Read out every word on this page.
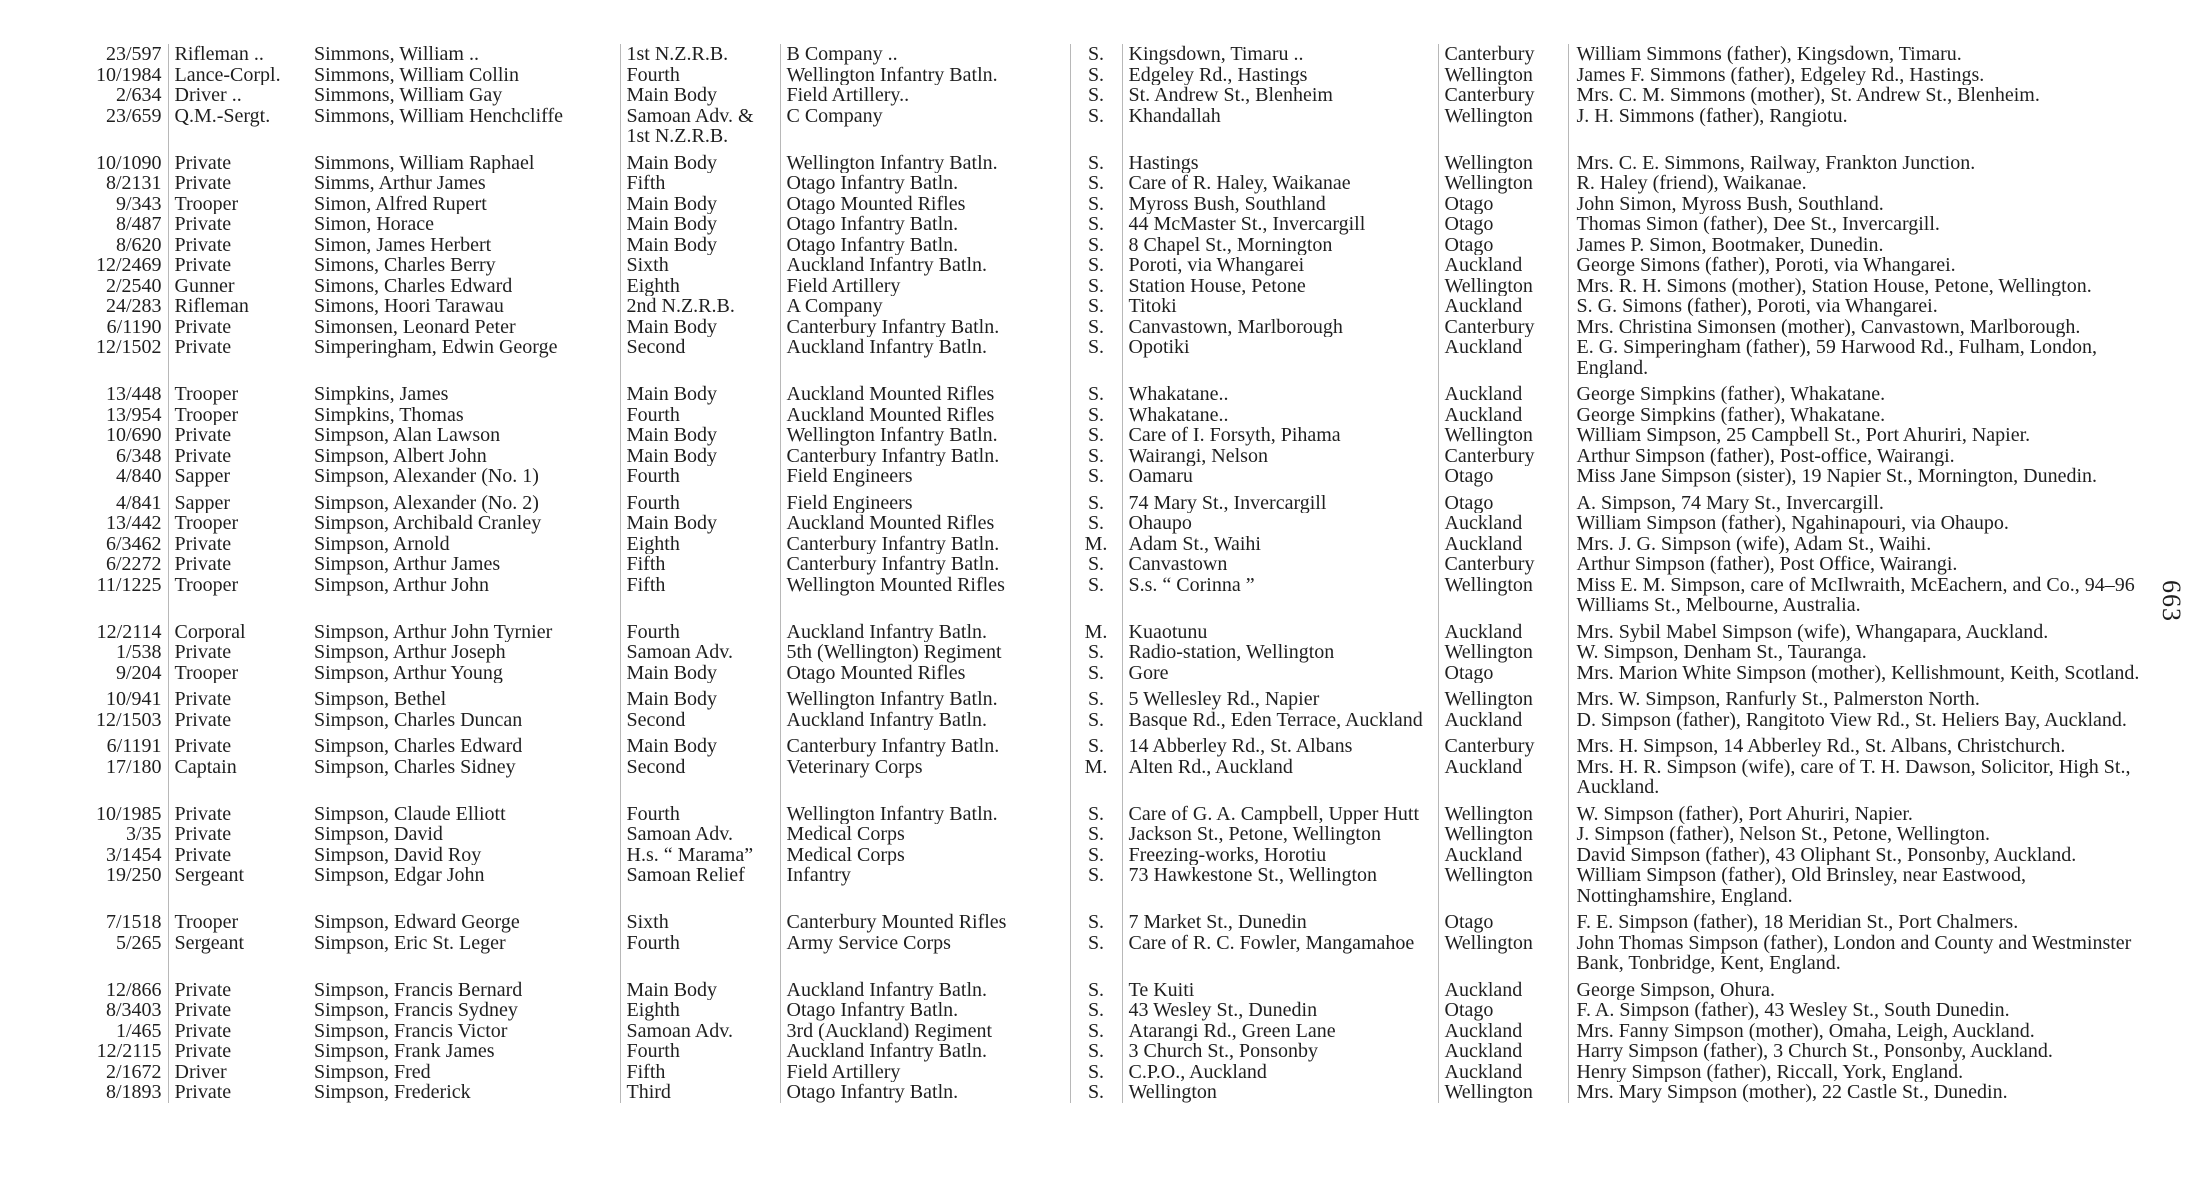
23/597	Rifleman ..	Simmons, William ..	1st N.Z.R.B.	B Company ..	S.	Kingsdown, Timaru ..	Canterbury	William Simmons (father), Kingsdown, Timaru.
10/1984	Lance-Corpl.	Simmons, William Collin	Fourth	Wellington Infantry Batln.	S.	Edgeley Rd., Hastings	Wellington	James F. Simmons (father), Edgeley Rd., Hastings.
2/634	Driver ..	Simmons, William Gay	Main Body	Field Artillery..	S.	St. Andrew St., Blenheim	Canterbury	Mrs. C. M. Simmons (mother), St. Andrew St., Blenheim.
23/659	Q.M.-Sergt.	Simmons, William Henchcliffe	Samoan Adv. & 1st N.Z.R.B.	C Company	S.	Khandallah	Wellington	J. H. Simmons (father), Rangiotu.
10/1090	Private	Simmons, William Raphael	Main Body	Wellington Infantry Batln.	S.	Hastings	Wellington	Mrs. C. E. Simmons, Railway, Frankton Junction.
8/2131	Private	Simms, Arthur James	Fifth	Otago Infantry Batln.	S.	Care of R. Haley, Waikanae	Wellington	R. Haley (friend), Waikanae.
9/343	Trooper	Simon, Alfred Rupert	Main Body	Otago Mounted Rifles	S.	Myross Bush, Southland	Otago	John Simon, Myross Bush, Southland.
8/487	Private	Simon, Horace	Main Body	Otago Infantry Batln.	S.	44 McMaster St., Invercargill	Otago	Thomas Simon (father), Dee St., Invercargill.
8/620	Private	Simon, James Herbert	Main Body	Otago Infantry Batln.	S.	8 Chapel St., Mornington	Otago	James P. Simon, Bootmaker, Dunedin.
12/2469	Private	Simons, Charles Berry	Sixth	Auckland Infantry Batln.	S.	Poroti, via Whangarei	Auckland	George Simons (father), Poroti, via Whangarei.
2/2540	Gunner	Simons, Charles Edward	Eighth	Field Artillery	S.	Station House, Petone	Wellington	Mrs. R. H. Simons (mother), Station House, Petone, Wellington.
24/283	Rifleman	Simons, Hoori Tarawau	2nd N.Z.R.B.	A Company	S.	Titoki	Auckland	S. G. Simons (father), Poroti, via Whangarei.
6/1190	Private	Simonsen, Leonard Peter	Main Body	Canterbury Infantry Batln.	S.	Canvastown, Marlborough	Canterbury	Mrs. Christina Simonsen (mother), Canvastown, Marlborough.
12/1502	Private	Simperingham, Edwin George	Second	Auckland Infantry Batln.	S.	Opotiki	Auckland	E. G. Simperingham (father), 59 Harwood Rd., Fulham, London, England.
13/448	Trooper	Simpkins, James	Main Body	Auckland Mounted Rifles	S.	Whakatane..	Auckland	George Simpkins (father), Whakatane.
13/954	Trooper	Simpkins, Thomas	Fourth	Auckland Mounted Rifles	S.	Whakatane..	Auckland	George Simpkins (father), Whakatane.
10/690	Private	Simpson, Alan Lawson	Main Body	Wellington Infantry Batln.	S.	Care of I. Forsyth, Pihama	Wellington	William Simpson, 25 Campbell St., Port Ahuriri, Napier.
6/348	Private	Simpson, Albert John	Main Body	Canterbury Infantry Batln.	S.	Wairangi, Nelson	Canterbury	Arthur Simpson (father), Post-office, Wairangi.
4/840	Sapper	Simpson, Alexander (No. 1)	Fourth	Field Engineers	S.	Oamaru	Otago	Miss Jane Simpson (sister), 19 Napier St., Mornington, Dunedin.
4/841	Sapper	Simpson, Alexander (No. 2)	Fourth	Field Engineers	S.	74 Mary St., Invercargill	Otago	A. Simpson, 74 Mary St., Invercargill.
13/442	Trooper	Simpson, Archibald Cranley	Main Body	Auckland Mounted Rifles	S.	Ohaupo	Auckland	William Simpson (father), Ngahinapouri, via Ohaupo.
6/3462	Private	Simpson, Arnold	Eighth	Canterbury Infantry Batln.	M.	Adam St., Waihi	Auckland	Mrs. J. G. Simpson (wife), Adam St., Waihi.
6/2272	Private	Simpson, Arthur James	Fifth	Canterbury Infantry Batln.	S.	Canvastown	Canterbury	Arthur Simpson (father), Post Office, Wairangi.
11/1225	Trooper	Simpson, Arthur John	Fifth	Wellington Mounted Rifles	S.	S.s. “ Corinna ”	Wellington	Miss E. M. Simpson, care of McIlwraith, McEachern, and Co., 94–96 Williams St., Melbourne, Australia.
12/2114	Corporal	Simpson, Arthur John Tyrnier	Fourth	Auckland Infantry Batln.	M.	Kuaotunu	Auckland	Mrs. Sybil Mabel Simpson (wife), Whangapara, Auckland.
1/538	Private	Simpson, Arthur Joseph	Samoan Adv.	5th (Wellington) Regiment	S.	Radio-station, Wellington	Wellington	W. Simpson, Denham St., Tauranga.
9/204	Trooper	Simpson, Arthur Young	Main Body	Otago Mounted Rifles	S.	Gore	Otago	Mrs. Marion White Simpson (mother), Kellishmount, Keith, Scotland.
10/941	Private	Simpson, Bethel	Main Body	Wellington Infantry Batln.	S.	5 Wellesley Rd., Napier	Wellington	Mrs. W. Simpson, Ranfurly St., Palmerston North.
12/1503	Private	Simpson, Charles Duncan	Second	Auckland Infantry Batln.	S.	Basque Rd., Eden Terrace, Auckland	Auckland	D. Simpson (father), Rangitoto View Rd., St. Heliers Bay, Auckland.
6/1191	Private	Simpson, Charles Edward	Main Body	Canterbury Infantry Batln.	S.	14 Abberley Rd., St. Albans	Canterbury	Mrs. H. Simpson, 14 Abberley Rd., St. Albans, Christchurch.
17/180	Captain	Simpson, Charles Sidney	Second	Veterinary Corps	M.	Alten Rd., Auckland	Auckland	Mrs. H. R. Simpson (wife), care of T. H. Dawson, Solicitor, High St., Auckland.
10/1985	Private	Simpson, Claude Elliott	Fourth	Wellington Infantry Batln.	S.	Care of G. A. Campbell, Upper Hutt	Wellington	W. Simpson (father), Port Ahuriri, Napier.
3/35	Private	Simpson, David	Samoan Adv.	Medical Corps	S.	Jackson St., Petone, Wellington	Wellington	J. Simpson (father), Nelson St., Petone, Wellington.
3/1454	Private	Simpson, David Roy	H.s. “ Marama”	Medical Corps	S.	Freezing-works, Horotiu	Auckland	David Simpson (father), 43 Oliphant St., Ponsonby, Auckland.
19/250	Sergeant	Simpson, Edgar John	Samoan Relief	Infantry	S.	73 Hawkestone St., Wellington	Wellington	William Simpson (father), Old Brinsley, near Eastwood, Nottinghamshire, England.
7/1518	Trooper	Simpson, Edward George	Sixth	Canterbury Mounted Rifles	S.	7 Market St., Dunedin	Otago	F. E. Simpson (father), 18 Meridian St., Port Chalmers.
5/265	Sergeant	Simpson, Eric St. Leger	Fourth	Army Service Corps	S.	Care of R. C. Fowler, Mangamahoe	Wellington	John Thomas Simpson (father), London and County and Westminster Bank, Tonbridge, Kent, England.
12/866	Private	Simpson, Francis Bernard	Main Body	Auckland Infantry Batln.	S.	Te Kuiti	Auckland	George Simpson, Ohura.
8/3403	Private	Simpson, Francis Sydney	Eighth	Otago Infantry Batln.	S.	43 Wesley St., Dunedin	Otago	F. A. Simpson (father), 43 Wesley St., South Dunedin.
1/465	Private	Simpson, Francis Victor	Samoan Adv.	3rd (Auckland) Regiment	S.	Atarangi Rd., Green Lane	Auckland	Mrs. Fanny Simpson (mother), Omaha, Leigh, Auckland.
12/2115	Private	Simpson, Frank James	Fourth	Auckland Infantry Batln.	S.	3 Church St., Ponsonby	Auckland	Harry Simpson (father), 3 Church St., Ponsonby, Auckland.
2/1672	Driver	Simpson, Fred	Fifth	Field Artillery	S.	C.P.O., Auckland	Auckland	Henry Simpson (father), Riccall, York, England.
8/1893	Private	Simpson, Frederick	Third	Otago Infantry Batln.	S.	Wellington	Wellington	Mrs. Mary Simpson (mother), 22 Castle St., Dunedin.
663
